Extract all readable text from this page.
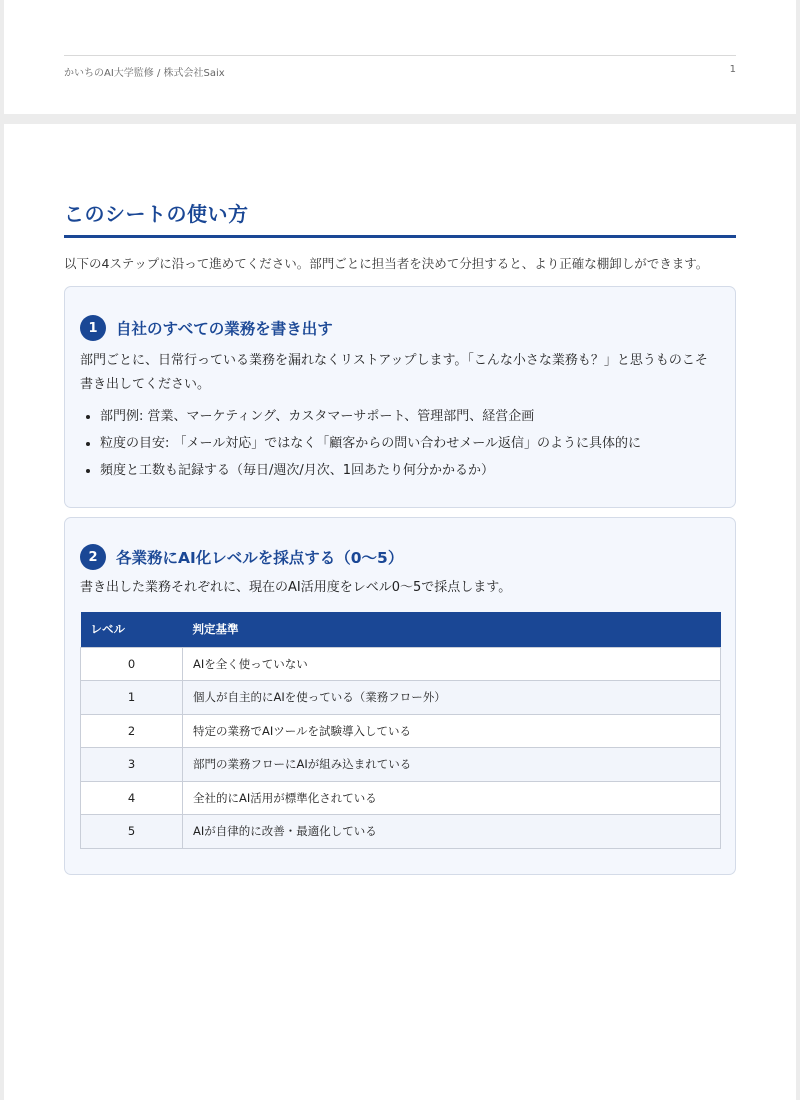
かいちのAI大学監修 / 株式会社Saix	1
このシートの使い方

以下の4ステップに沿って進めてください。部門ごとに担当者を決めて分担すると、より正確な棚卸しができます。

1	自社のすべての業務を書き出す

部門ごとに、日常行っている業務を漏れなくリストアップします。「こんな小さな業務も？」と思うものこそ書き出してください。

• 部門例: 営業、マーケティング、カスタマーサポート、管理部門、経営企画
• 粒度の目安: 「メール対応」ではなく「顧客からの問い合わせメール返信」のように具体的に
• 頻度と工数も記録する（毎日/週次/月次、1回あたり何分かかるか）
2	各業務にAI化レベルを採点する（0〜5）

書き出した業務それぞれに、現在のAI活用度をレベル0〜5で採点します。

レベル	判定基準
0	AIを全く使っていない
1	個人が自主的にAIを使っている（業務フロー外）
2	特定の業務でAIツールを試験導入している
3	部門の業務フローにAIが組み込まれている
4	全社的にAI活用が標準化されている
5	AIが自律的に改善・最適化している
